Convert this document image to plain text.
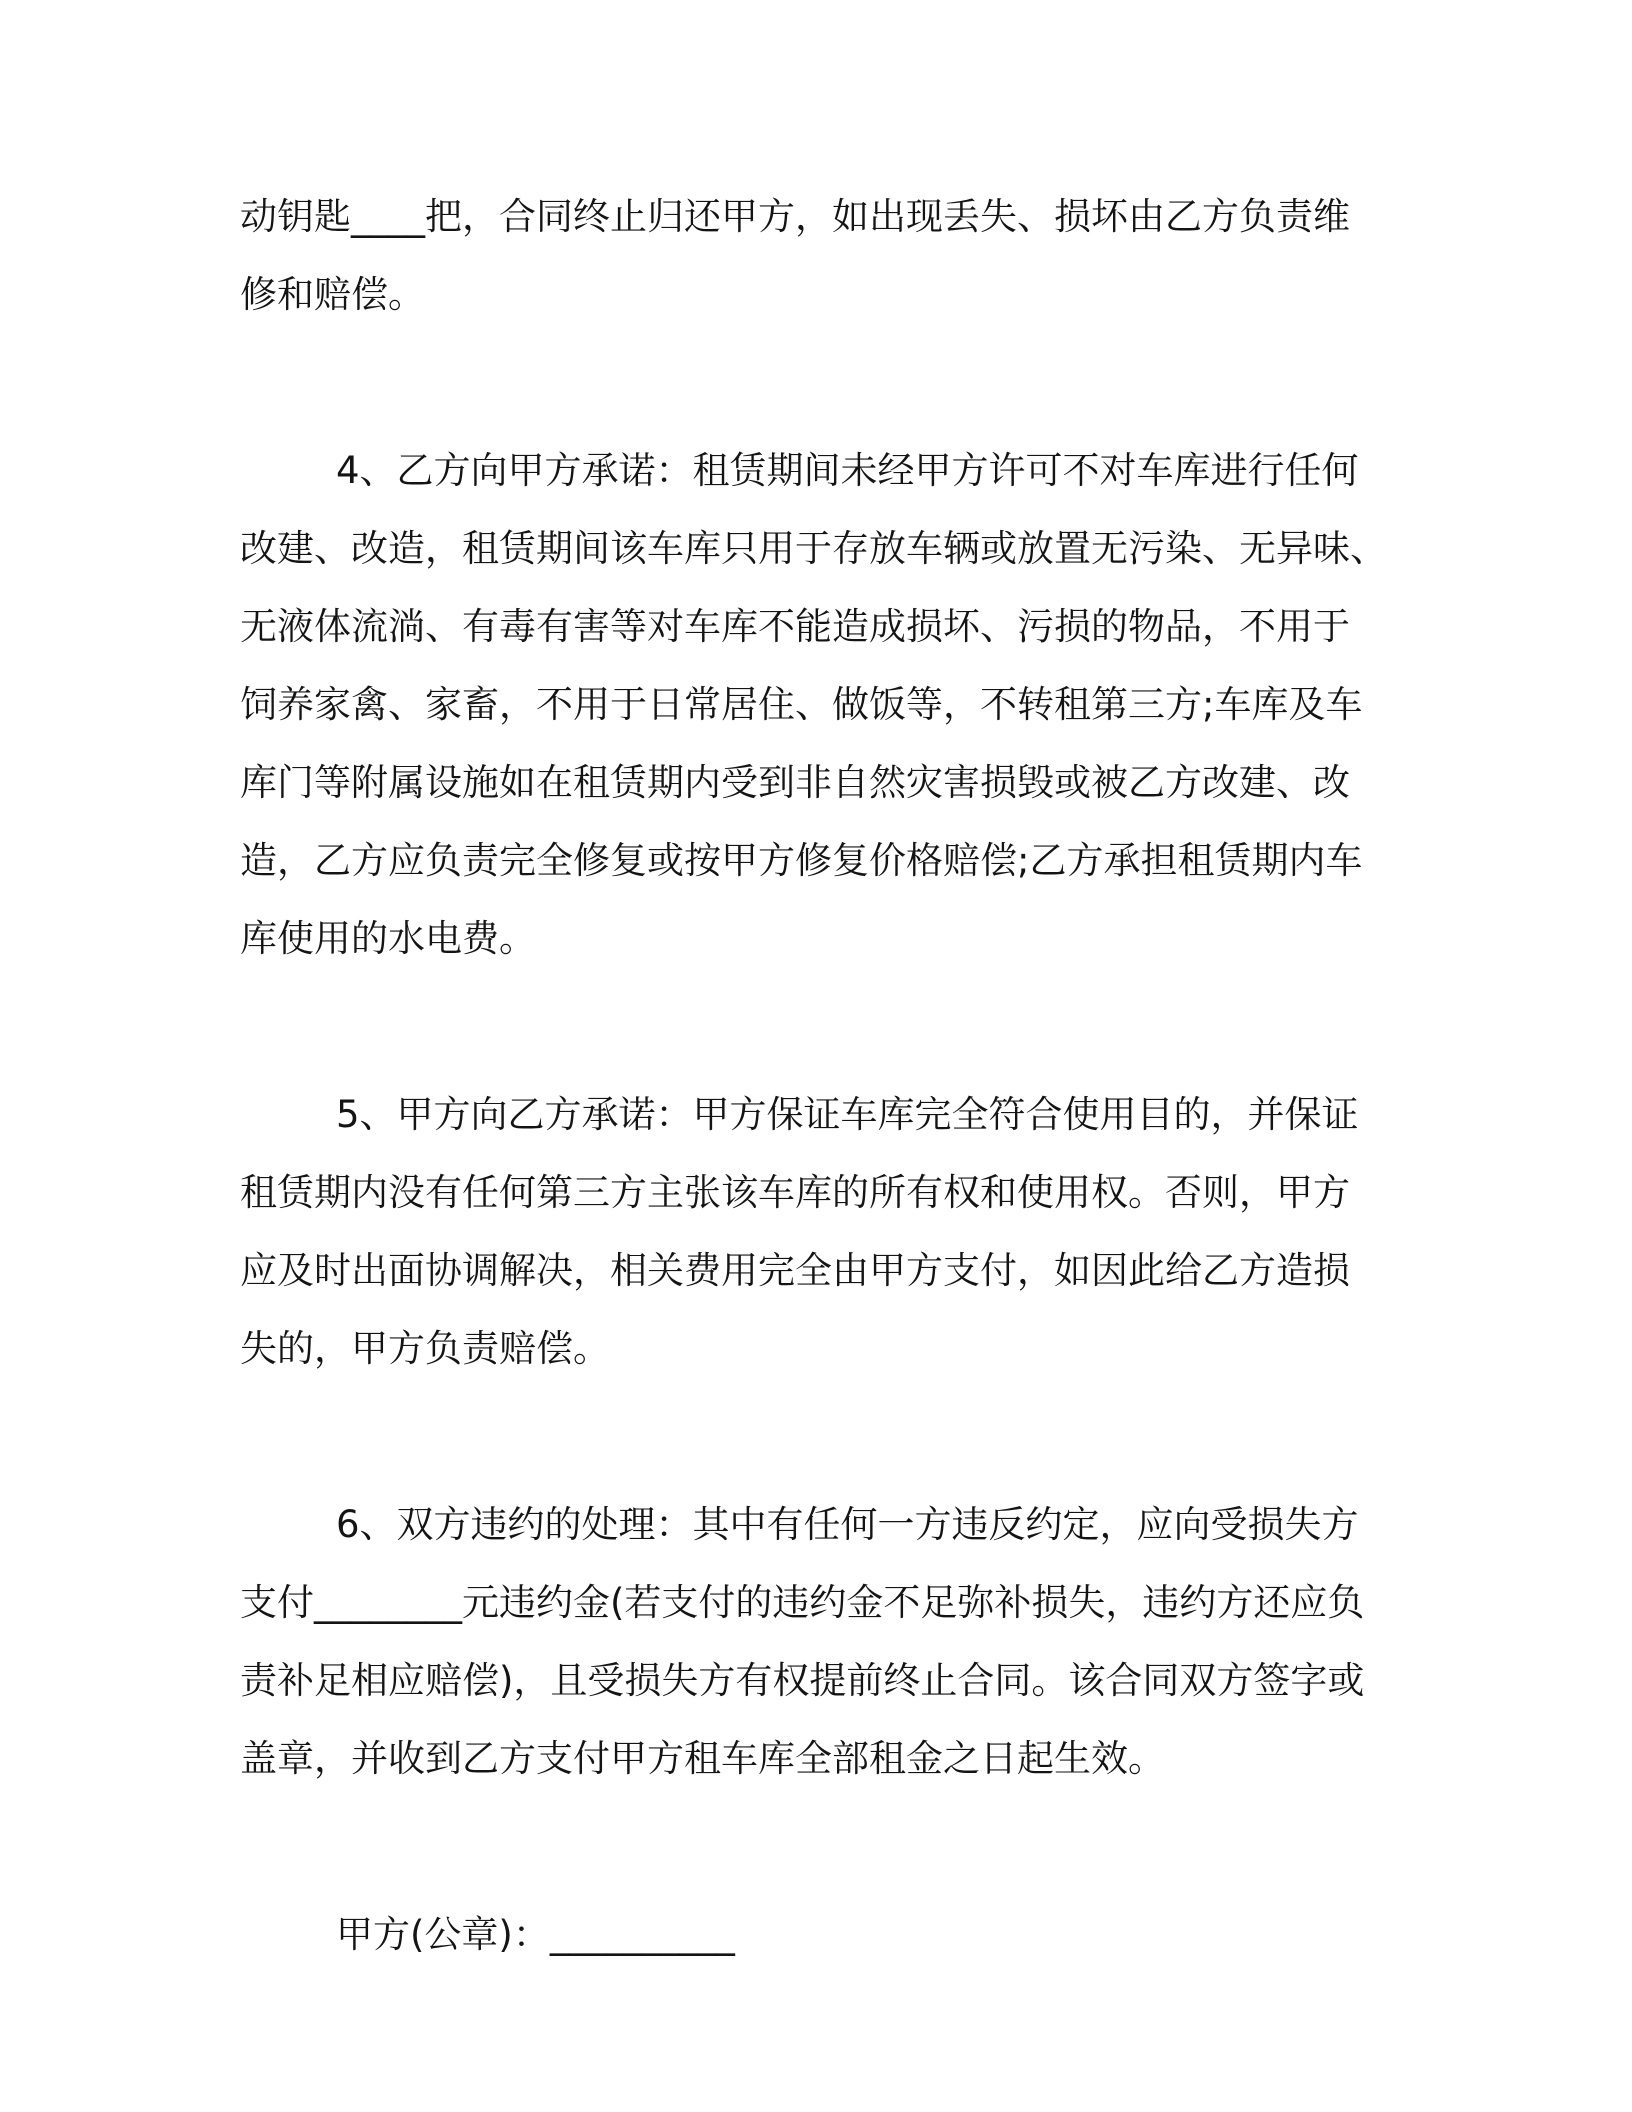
动钥匙____把，合同终止归还甲方，如出现丢失、损坏由乙方负责维
修和赔偿。
4、乙方向甲方承诺：租赁期间未经甲方许可不对车库进行任何
改建、改造，租赁期间该车库只用于存放车辆或放置无污染、无异味、
无液体流淌、有毒有害等对车库不能造成损坏、污损的物品，不用于
饲养家禽、家畜，不用于日常居住、做饭等，不转租第三方;车库及车
库门等附属设施如在租赁期内受到非自然灾害损毁或被乙方改建、改
造，乙方应负责完全修复或按甲方修复价格赔偿;乙方承担租赁期内车
库使用的水电费。
5、甲方向乙方承诺：甲方保证车库完全符合使用目的，并保证
租赁期内没有任何第三方主张该车库的所有权和使用权。否则，甲方
应及时出面协调解决，相关费用完全由甲方支付，如因此给乙方造损
失的，甲方负责赔偿。
6、双方违约的处理：其中有任何一方违反约定，应向受损失方
支付________元违约金(若支付的违约金不足弥补损失，违约方还应负
责补足相应赔偿)，且受损失方有权提前终止合同。该合同双方签字或
盖章，并收到乙方支付甲方租车库全部租金之日起生效。
甲方(公章)：__________
